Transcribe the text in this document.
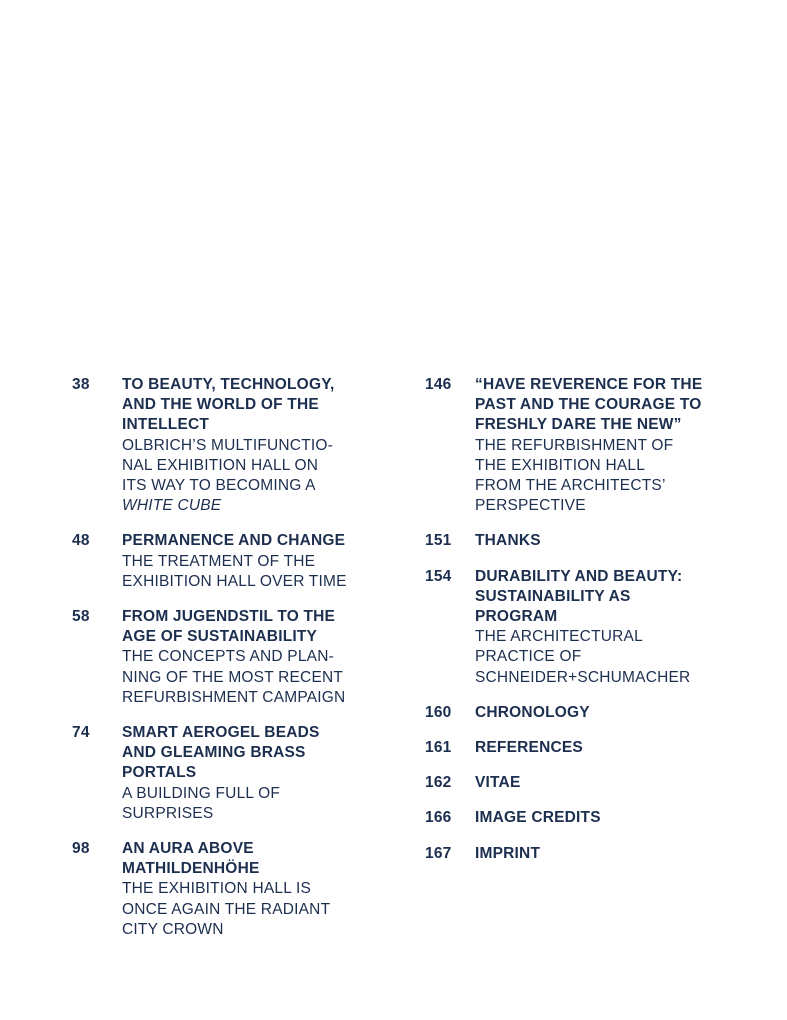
38	TO BEAUTY, TECHNOLOGY,
AND THE WORLD OF THE
INTELLECT
OLBRICH’S MULTIFUNCTIO-
NAL EXHIBITION HALL ON
ITS WAY TO BECOMING A
WHITE CUBE
48	PERMANENCE AND CHANGE
THE TREATMENT OF THE
EXHIBITION HALL OVER TIME
58	FROM JUGENDSTIL TO THE
AGE OF SUSTAINABILITY
THE CONCEPTS AND PLAN-
NING OF THE MOST RECENT
REFURBISHMENT CAMPAIGN
74	SMART AEROGEL BEADS
AND GLEAMING BRASS
PORTALS
A BUILDING FULL OF
SURPRISES
98	AN AURA ABOVE
MATHILDENHÖHE
THE EXHIBITION HALL IS
ONCE AGAIN THE RADIANT
CITY CROWN
146	“HAVE REVERENCE FOR THE
PAST AND THE COURAGE TO
FRESHLY DARE THE NEW”
THE REFURBISHMENT OF
THE EXHIBITION HALL
FROM THE ARCHITECTS’
PERSPECTIVE
151	THANKS
154	DURABILITY AND BEAUTY:
SUSTAINABILITY AS
PROGRAM
THE ARCHITECTURAL
PRACTICE OF
SCHNEIDER+SCHUMACHER
160	CHRONOLOGY
161	REFERENCES
162	VITAE
166	IMAGE CREDITS
167	IMPRINT
